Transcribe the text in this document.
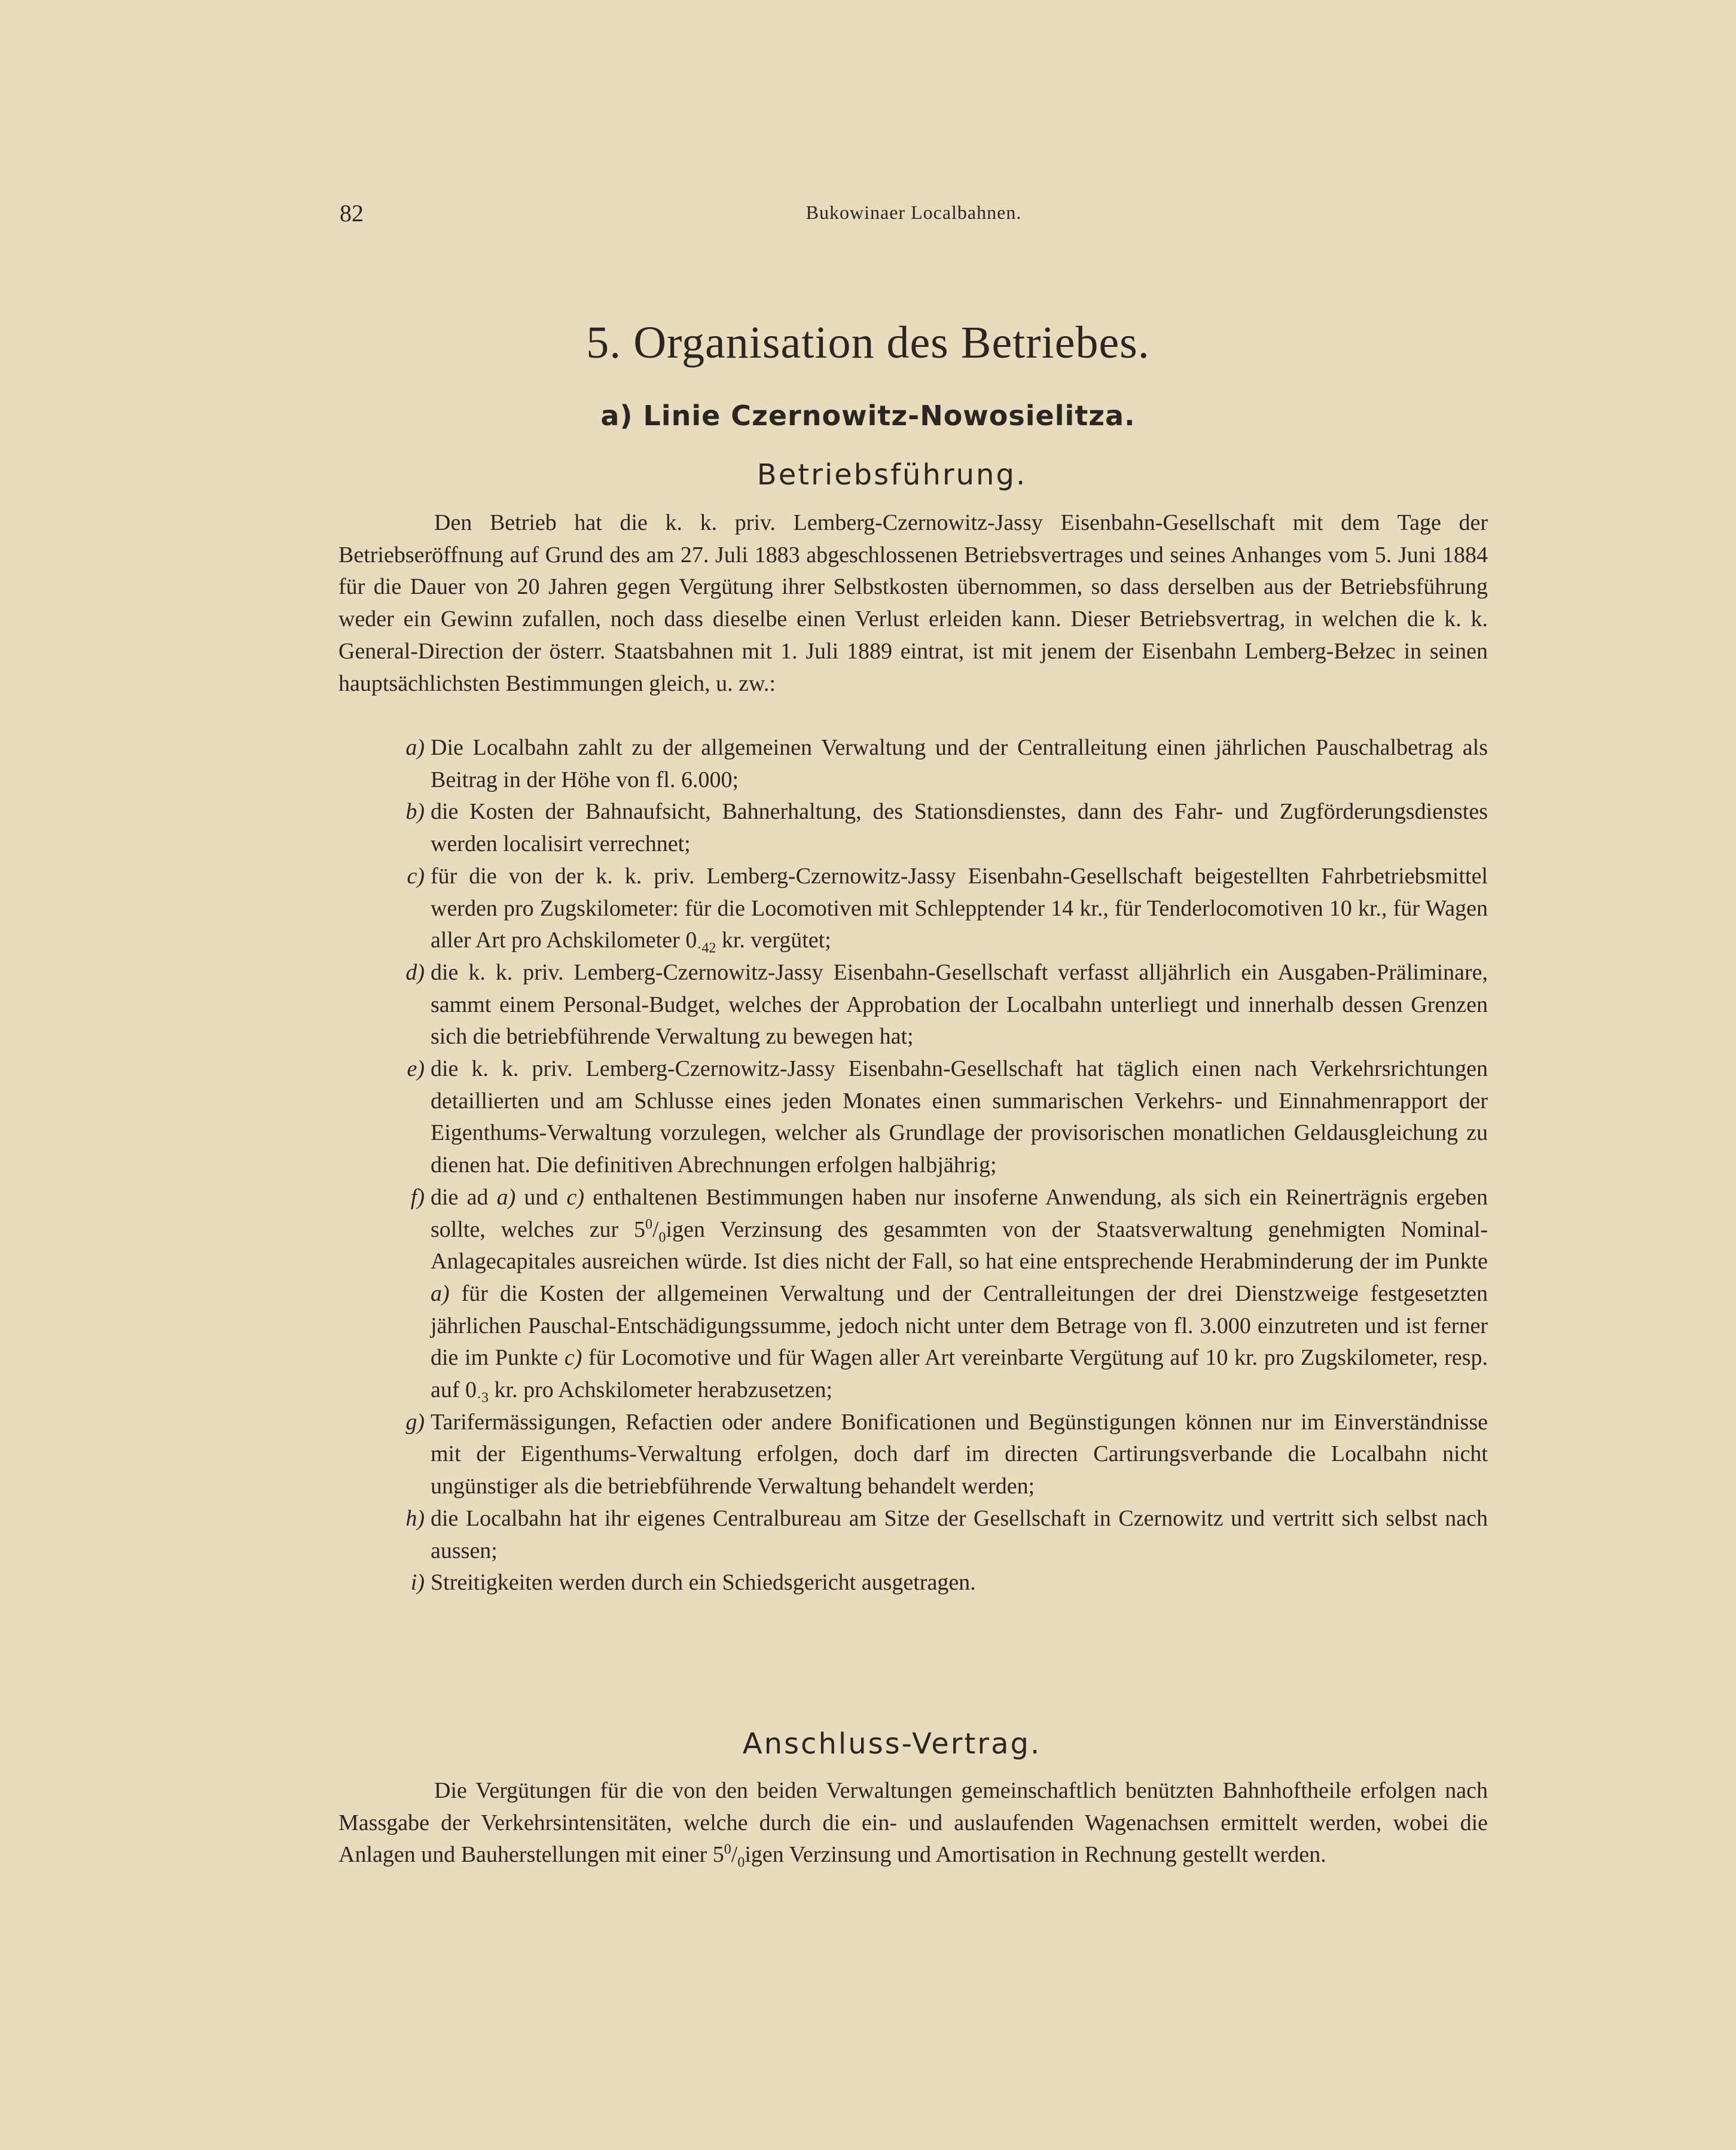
82	Bukowinaer Localbahnen.
5. Organisation des Betriebes.
a) Linie Czernowitz-Nowosielitza.
Betriebsführung.
Den Betrieb hat die k. k. priv. Lemberg-Czernowitz-Jassy Eisenbahn-Gesellschaft mit dem Tage der Betriebseröffnung auf Grund des am 27. Juli 1883 abgeschlossenen Betriebsvertrages und seines Anhanges vom 5. Juni 1884 für die Dauer von 20 Jahren gegen Vergütung ihrer Selbstkosten übernommen, so dass derselben aus der Betriebsführung weder ein Gewinn zufallen, noch dass dieselbe einen Verlust erleiden kann. Dieser Betriebsvertrag, in welchen die k. k. General-Direction der österr. Staatsbahnen mit 1. Juli 1889 eintrat, ist mit jenem der Eisenbahn Lemberg-Bełzec in seinen hauptsächlichsten Bestimmungen gleich, u. zw.:
a) Die Localbahn zahlt zu der allgemeinen Verwaltung und der Centralleitung einen jährlichen Pauschalbetrag als Beitrag in der Höhe von fl. 6.000;
b) die Kosten der Bahnaufsicht, Bahnerhaltung, des Stationsdienstes, dann des Fahr- und Zugförderungsdienstes werden localisirt verrechnet;
c) für die von der k. k. priv. Lemberg-Czernowitz-Jassy Eisenbahn-Gesellschaft beigestellten Fahrbetriebsmittel werden pro Zugskilometer: für die Locomotiven mit Schlepptender 14 kr., für Tenderlocomotiven 10 kr., für Wagen aller Art pro Achskilometer $0_{\cdot 42}$ kr. vergütet;
d) die k. k. priv. Lemberg-Czernowitz-Jassy Eisenbahn-Gesellschaft verfasst alljährlich ein Ausgaben-Präliminare, sammt einem Personal-Budget, welches der Approbation der Localbahn unterliegt und innerhalb dessen Grenzen sich die betriebführende Verwaltung zu bewegen hat;
e) die k. k. priv. Lemberg-Czernowitz-Jassy Eisenbahn-Gesellschaft hat täglich einen nach Verkehrsrichtungen detaillierten und am Schlusse eines jeden Monates einen summarischen Verkehrs- und Einnahmenrapport der Eigenthums-Verwaltung vorzulegen, welcher als Grundlage der provisorischen monatlichen Geldausgleichung zu dienen hat. Die definitiven Abrechnungen erfolgen halbjährig;
f) die ad a) und c) enthaltenen Bestimmungen haben nur insoferne Anwendung, als sich ein Reinerträgnis ergeben sollte, welches zur $5^0/_0igen$ Verzinsung des gesammten von der Staatsverwaltung genehmigten Nominal-Anlagecapitales ausreichen würde. Ist dies nicht der Fall, so hat eine entsprechende Herabminderung der im Punkte a) für die Kosten der allgemeinen Verwaltung und der Centralleitungen der drei Dienstzweige festgesetzten jährlichen Pauschal-Entschädigungssumme, jedoch nicht unter dem Betrage von fl. 3.000 einzutreten und ist ferner die im Punkte c) für Locomotive und für Wagen aller Art vereinbarte Vergütung auf 10 kr. pro Zugskilometer, resp. auf $0_{\cdot 3}$ kr. pro Achskilometer herabzusetzen;
g) Tarifermässigungen, Refactien oder andere Bonificationen und Begünstigungen können nur im Einverständnisse mit der Eigenthums-Verwaltung erfolgen, doch darf im directen Cartirungsverbande die Localbahn nicht ungünstiger als die betriebführende Verwaltung behandelt werden;
h) die Localbahn hat ihr eigenes Centralbureau am Sitze der Gesellschaft in Czernowitz und vertritt sich selbst nach aussen;
i) Streitigkeiten werden durch ein Schiedsgericht ausgetragen.
Anschluss-Vertrag.
Die Vergütungen für die von den beiden Verwaltungen gemeinschaftlich benützten Bahnhoftheile erfolgen nach Massgabe der Verkehrsintensitäten, welche durch die ein- und auslaufenden Wagenachsen ermittelt werden, wobei die Anlagen und Bauherstellungen mit einer $5^0/_0igen$ Verzinsung und Amortisation in Rechnung gestellt werden.
